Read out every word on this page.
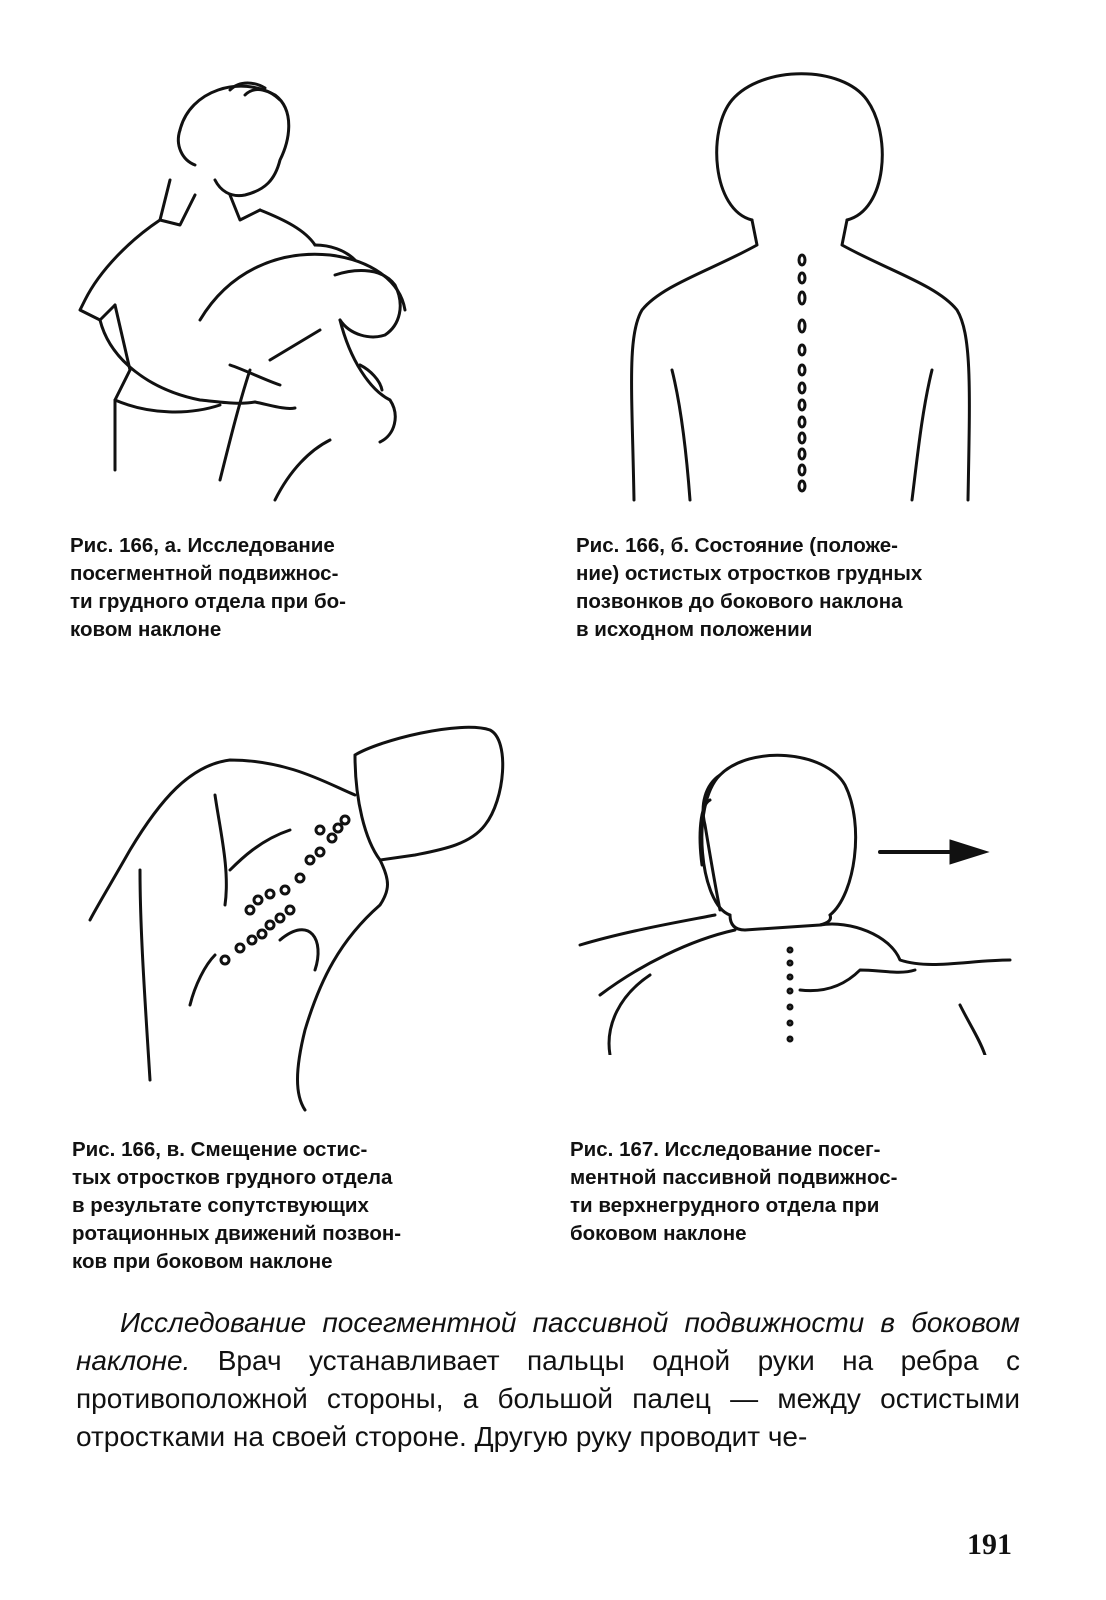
Рис. 166, а. Исследование
посегментной подвижнос-
ти грудного отдела при бо-
ковом наклоне
Рис. 166, б. Состояние (положе-
ние) остистых отростков грудных
позвонков до бокового наклона
в исходном положении
Рис. 166, в. Смещение остис-
тых отростков грудного отдела
в результате сопутствующих
ротационных движений позвон-
ков при боковом наклоне
Рис. 167. Исследование посег-
ментной пассивной подвижнос-
ти верхнегрудного отдела при
боковом наклоне
Исследование посегментной пассивной подвижности в боковом наклоне. Врач устанавливает пальцы одной руки на ребра с противоположной стороны, а большой палец — между остистыми отростками на своей стороне. Другую руку проводит че-
191
